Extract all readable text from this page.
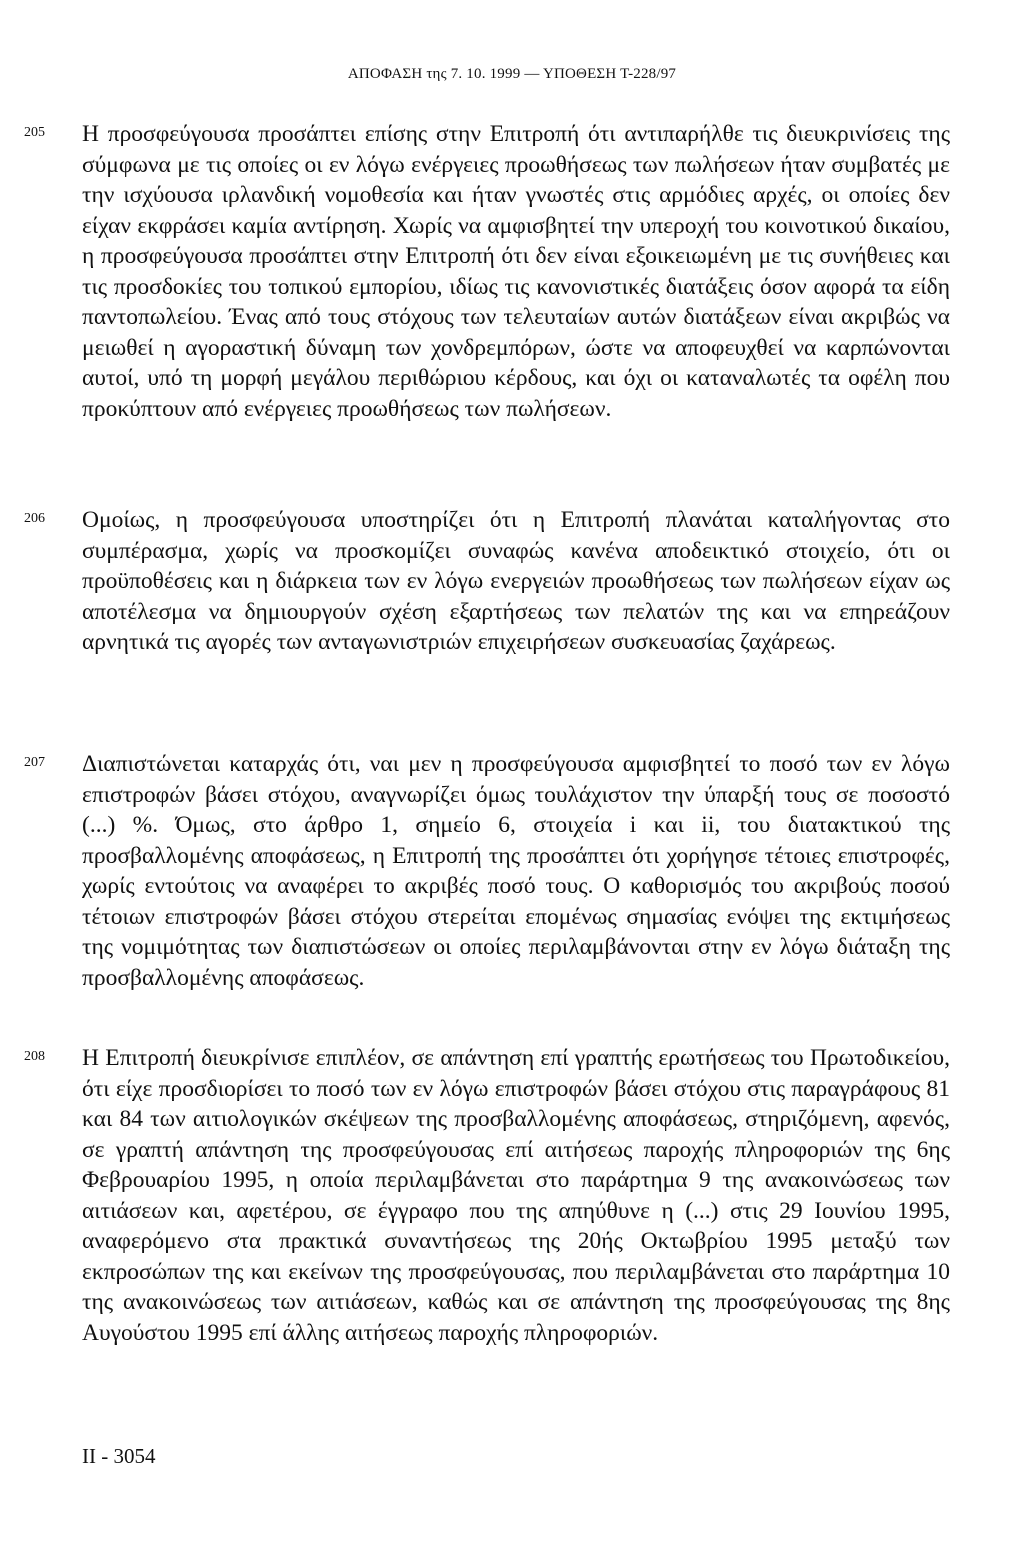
ΑΠΟΦΑΣΗ της 7. 10. 1999 — ΥΠΟΘΕΣΗ Τ-228/97
205 Η προσφεύγουσα προσάπτει επίσης στην Επιτροπή ότι αντιπαρήλθε τις διευκρινίσεις της σύμφωνα με τις οποίες οι εν λόγω ενέργειες προωθήσεως των πωλήσεων ήταν συμβατές με την ισχύουσα ιρλανδική νομοθεσία και ήταν γνωστές στις αρμόδιες αρχές, οι οποίες δεν είχαν εκφράσει καμία αντίρηση. Χωρίς να αμφισβητεί την υπεροχή του κοινοτικού δικαίου, η προσφεύγουσα προσάπτει στην Επιτροπή ότι δεν είναι εξοικειωμένη με τις συνήθειες και τις προσδοκίες του τοπικού εμπορίου, ιδίως τις κανονιστικές διατάξεις όσον αφορά τα είδη παντοπωλείου. Ένας από τους στόχους των τελευταίων αυτών διατάξεων είναι ακριβώς να μειωθεί η αγοραστική δύναμη των χονδρεμπόρων, ώστε να αποφευχθεί να καρπώνονται αυτοί, υπό τη μορφή μεγάλου περιθώριου κέρδους, και όχι οι καταναλωτές τα οφέλη που προκύπτουν από ενέργειες προωθήσεως των πωλήσεων.

206 Ομοίως, η προσφεύγουσα υποστηρίζει ότι η Επιτροπή πλανάται καταλήγοντας στο συμπέρασμα, χωρίς να προσκομίζει συναφώς κανένα αποδεικτικό στοιχείο, ότι οι προϋποθέσεις και η διάρκεια των εν λόγω ενεργειών προωθήσεως των πωλήσεων είχαν ως αποτέλεσμα να δημιουργούν σχέση εξαρτήσεως των πελατών της και να επηρεάζουν αρνητικά τις αγορές των ανταγωνιστριών επιχειρήσεων συσκευασίας ζαχάρεως.

207 Διαπιστώνεται καταρχάς ότι, ναι μεν η προσφεύγουσα αμφισβητεί το ποσό των εν λόγω επιστροφών βάσει στόχου, αναγνωρίζει όμως τουλάχιστον την ύπαρξή τους σε ποσοστό (...) %. Όμως, στο άρθρο 1, σημείο 6, στοιχεία i και ii, του διατακτικού της προσβαλλομένης αποφάσεως, η Επιτροπή της προσάπτει ότι χορήγησε τέτοιες επιστροφές, χωρίς εντούτοις να αναφέρει το ακριβές ποσό τους. Ο καθορισμός του ακριβούς ποσού τέτοιων επιστροφών βάσει στόχου στερείται επομένως σημασίας ενόψει της εκτιμήσεως της νομιμότητας των διαπιστώσεων οι οποίες περιλαμβάνονται στην εν λόγω διάταξη της προσβαλλομένης αποφάσεως.

208 Η Επιτροπή διευκρίνισε επιπλέον, σε απάντηση επί γραπτής ερωτήσεως του Πρωτοδικείου, ότι είχε προσδιορίσει το ποσό των εν λόγω επιστροφών βάσει στόχου στις παραγράφους 81 και 84 των αιτιολογικών σκέψεων της προσβαλλομένης αποφάσεως, στηριζόμενη, αφενός, σε γραπτή απάντηση της προσφεύγουσας επί αιτήσεως παροχής πληροφοριών της 6ης Φεβρουαρίου 1995, η οποία περιλαμβάνεται στο παράρτημα 9 της ανακοινώσεως των αιτιάσεων και, αφετέρου, σε έγγραφο που της απηύθυνε η (...) στις 29 Ιουνίου 1995, αναφερόμενο στα πρακτικά συναντήσεως της 20ής Οκτωβρίου 1995 μεταξύ των εκπροσώπων της και εκείνων της προσφεύγουσας, που περιλαμβάνεται στο παράρτημα 10 της ανακοινώσεως των αιτιάσεων, καθώς και σε απάντηση της προσφεύγουσας της 8ης Αυγούστου 1995 επί άλλης αιτήσεως παροχής πληροφοριών.

II - 3054
